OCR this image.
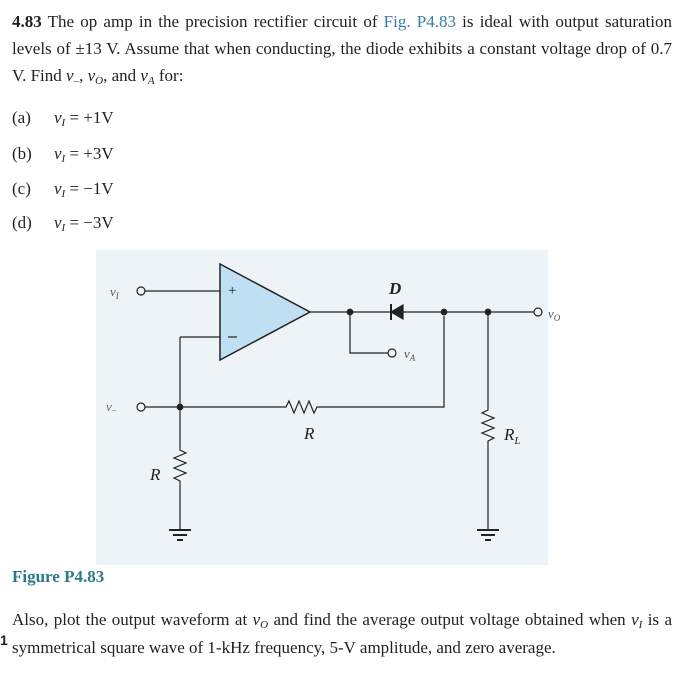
4.83 The op amp in the precision rectifier circuit of Fig. P4.83 is ideal with output saturation levels of ±13 V. Assume that when conducting, the diode exhibits a constant voltage drop of 0.7 V. Find $v_-$, $v_O$, and $v_A$ for:
(a) $v_I = +1V$
(b) $v_I = +3V$
(c) $v_I = -1V$
(d) $v_I = -3V$
+
$v_I$
v–
R
$v_A$
D
$R_L$
R
$v_O$
Figure P4.83
Also, plot the output waveform at $v_O$ and find the average output voltage obtained when $v_I$ is a symmetrical square wave of 1-kHz frequency, 5-V amplitude, and zero average.
1
